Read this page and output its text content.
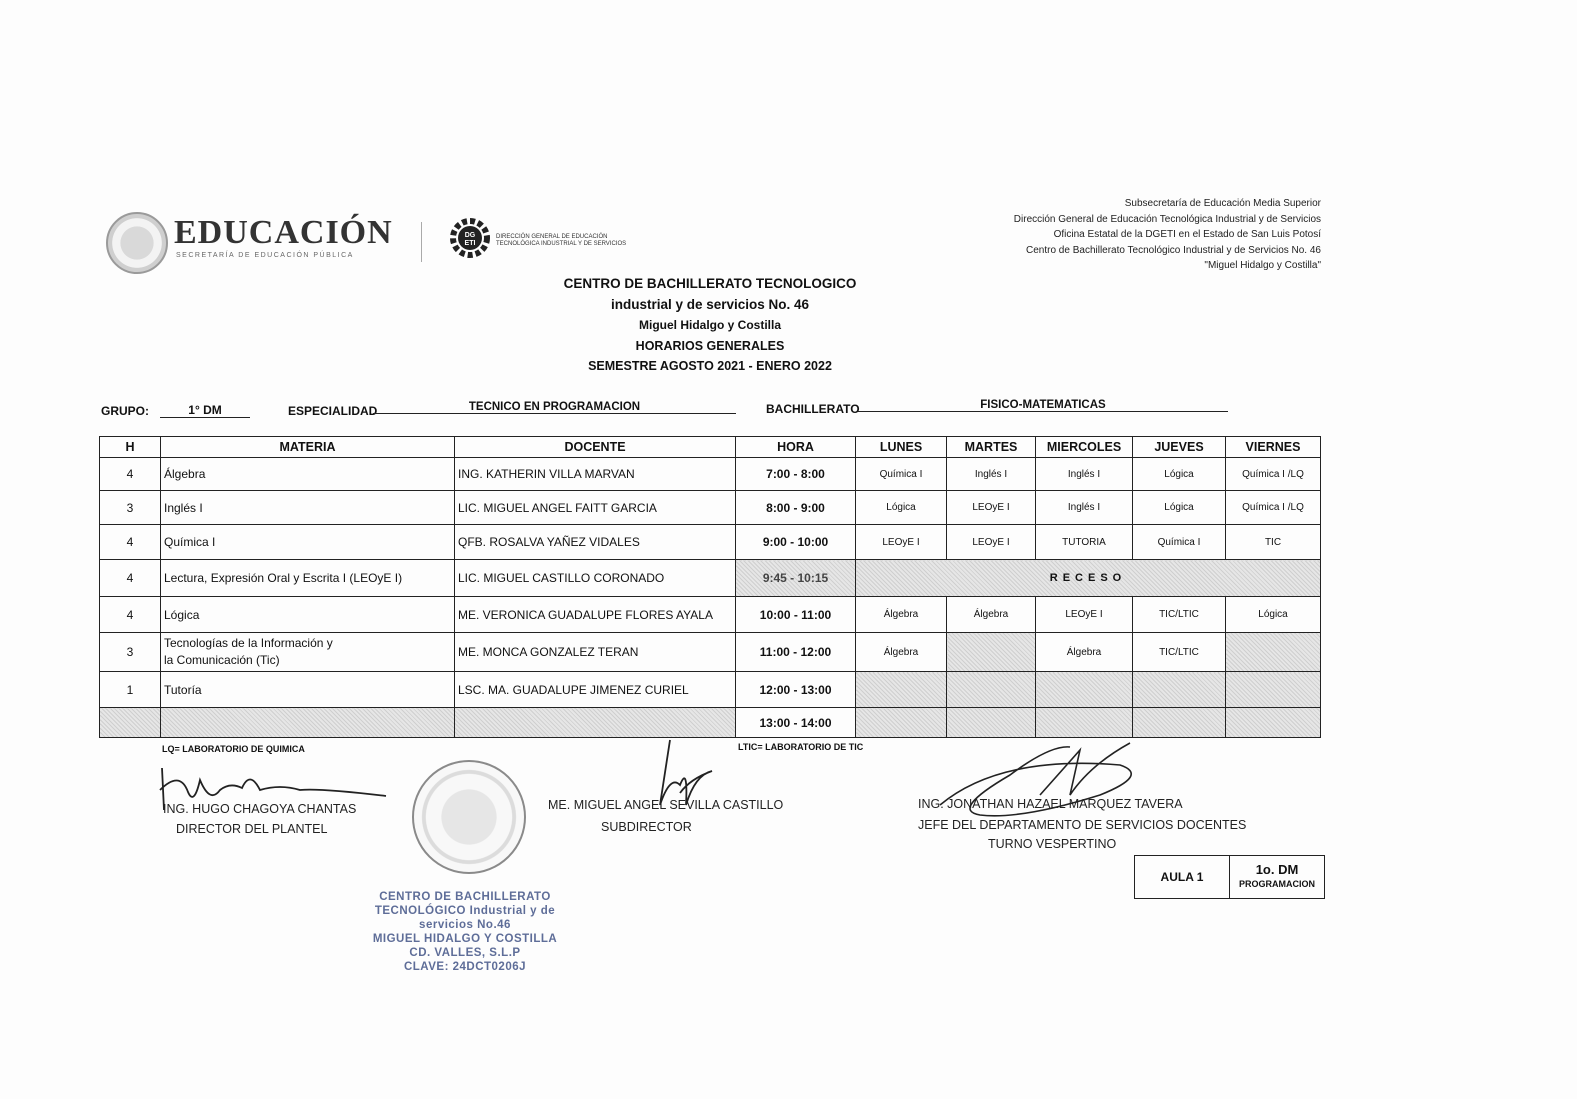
EDUCACIÓN
SECRETARÍA DE EDUCACIÓN PÚBLICA
DG
ETI
DIRECCIÓN GENERAL DE EDUCACIÓN TECNOLÓGICA INDUSTRIAL Y DE SERVICIOS
Subsecretaría de Educación Media Superior
Dirección General de Educación Tecnológica Industrial y de Servicios
Oficina Estatal de la DGETI en el Estado de San Luis Potosí
Centro de Bachillerato Tecnológico Industrial y de Servicios No. 46
"Miguel Hidalgo y Costilla"
CENTRO DE BACHILLERATO TECNOLOGICO
industrial y de servicios No. 46
Miguel Hidalgo y Costilla
HORARIOS GENERALES
SEMESTRE AGOSTO 2021 - ENERO 2022
GRUPO:	1° DM	ESPECIALIDAD	TECNICO EN PROGRAMACION	BACHILLERATO	FISICO-MATEMATICAS
H	MATERIA	DOCENTE	HORA	LUNES	MARTES	MIERCOLES	JUEVES	VIERNES
4	Álgebra	ING. KATHERIN VILLA MARVAN	7:00 - 8:00	Química I	Inglés I	Inglés I	Lógica	Química I /LQ
3	Inglés I	LIC. MIGUEL ANGEL FAITT GARCIA	8:00 - 9:00	Lógica	LEOyE I	Inglés I	Lógica	Química I /LQ
4	Química I	QFB. ROSALVA YAÑEZ VIDALES	9:00 - 10:00	LEOyE I	LEOyE I	TUTORIA	Química I	TIC
4	Lectura, Expresión Oral y Escrita I (LEOyE I)	LIC. MIGUEL CASTILLO CORONADO	9:45 - 10:15	RECESO				
4	Lógica	ME. VERONICA GUADALUPE FLORES AYALA	10:00 - 11:00	Álgebra	Álgebra	LEOyE I	TIC/LTIC	Lógica
3	Tecnologías de la Información y
la Comunicación (Tic)	ME. MONCA GONZALEZ TERAN	11:00 - 12:00	Álgebra		Álgebra	TIC/LTIC	
1	Tutoría	LSC. MA. GUADALUPE JIMENEZ CURIEL	12:00 - 13:00					
			13:00 - 14:00					
LQ= LABORATORIO DE QUIMICA	LTIC= LABORATORIO DE TIC
ING. HUGO CHAGOYA CHANTAS
DIRECTOR DEL PLANTEL
ME. MIGUEL ANGEL SEVILLA CASTILLO
SUBDIRECTOR
ING. JONATHAN HAZAEL MARQUEZ TAVERA
JEFE DEL DEPARTAMENTO DE SERVICIOS DOCENTES
TURNO VESPERTINO
CENTRO DE BACHILLERATO
TECNOLÓGICO Industrial y de
servicios No.46
MIGUEL HIDALGO Y COSTILLA
CD. VALLES, S.L.P
CLAVE: 24DCT0206J
AULA 1	1o. DM
PROGRAMACION
